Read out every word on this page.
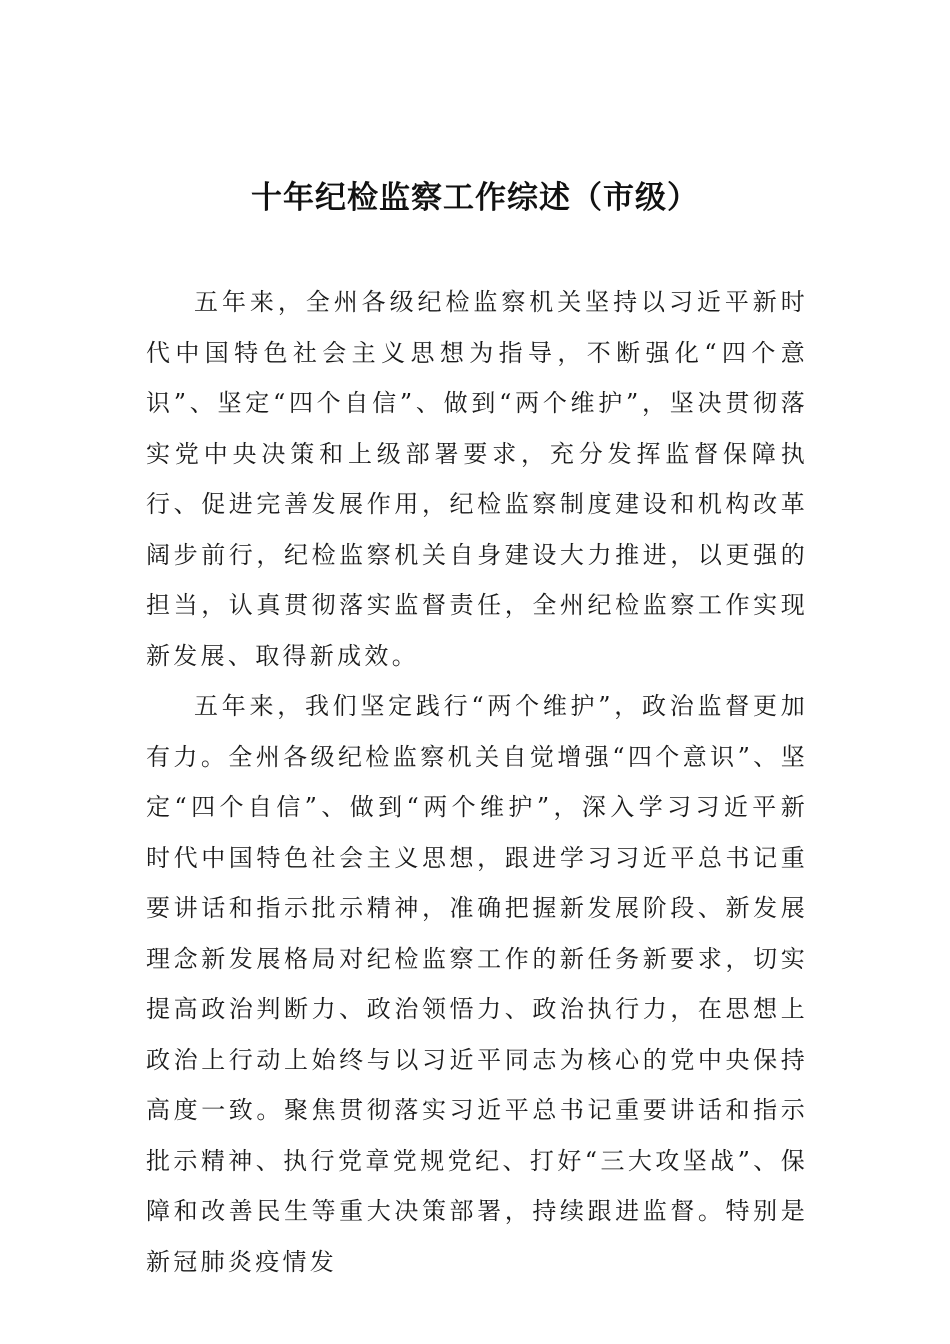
十年纪检监察工作综述（市级）

五年来，全州各级纪检监察机关坚持以习近平新时代中国特色社会主义思想为指导，不断强化“四个意识”、坚定“四个自信”、做到“两个维护”，坚决贯彻落实党中央决策和上级部署要求，充分发挥监督保障执行、促进完善发展作用，纪检监察制度建设和机构改革阔步前行，纪检监察机关自身建设大力推进，以更强的担当，认真贯彻落实监督责任，全州纪检监察工作实现新发展、取得新成效。

五年来，我们坚定践行“两个维护”，政治监督更加有力。全州各级纪检监察机关自觉增强“四个意识”、坚定“四个自信”、做到“两个维护”，深入学习习近平新时代中国特色社会主义思想，跟进学习习近平总书记重要讲话和指示批示精神，准确把握新发展阶段、新发展理念新发展格局对纪检监察工作的新任务新要求，切实提高政治判断力、政治领悟力、政治执行力，在思想上政治上行动上始终与以习近平同志为核心的党中央保持高度一致。聚焦贯彻落实习近平总书记重要讲话和指示批示精神、执行党章党规党纪、打好“三大攻坚战”、保障和改善民生等重大决策部署，持续跟进监督。特别是新冠肺炎疫情发
